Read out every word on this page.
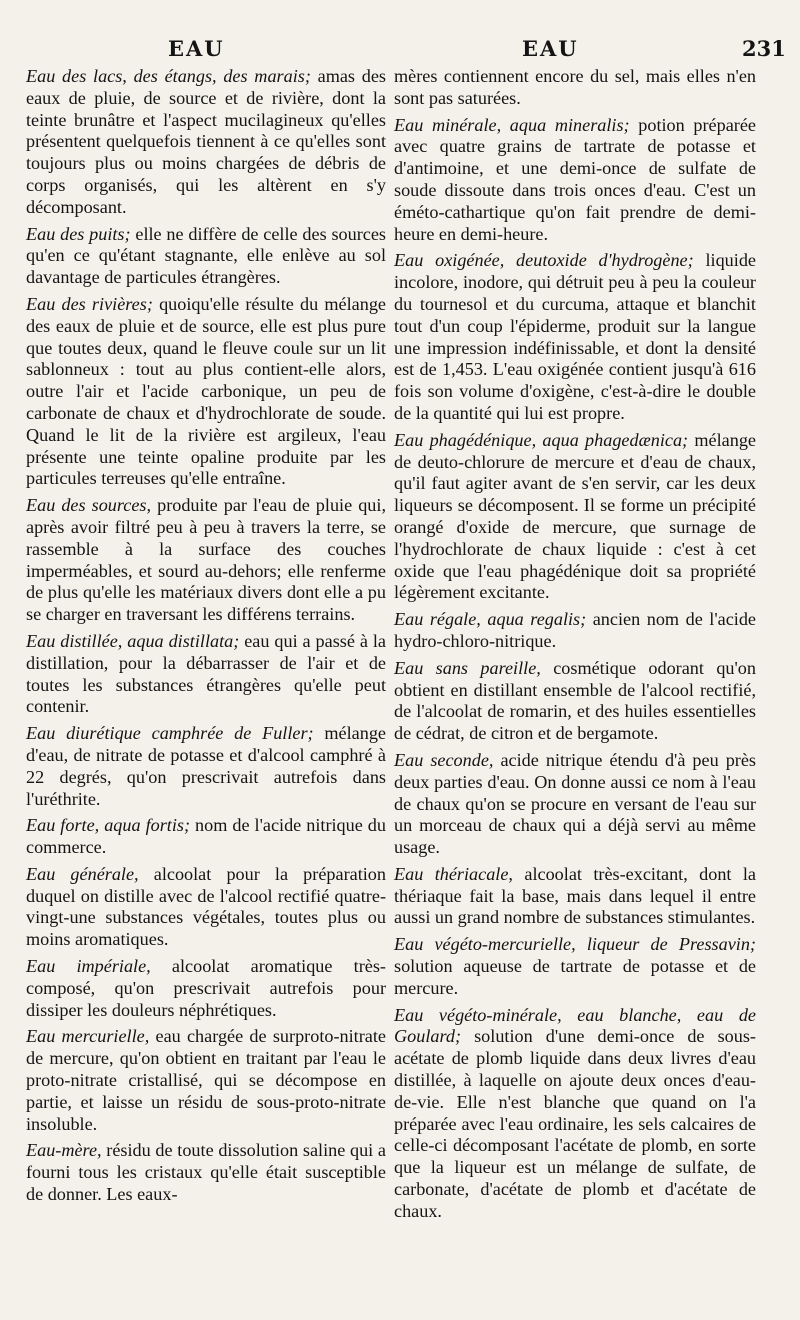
EAU	EAU	231

Eau des lacs, des étangs, des marais; amas des eaux de pluie, de source et de rivière, dont la teinte brunâtre et l'aspect mucilagineux qu'elles présentent quelquefois tiennent à ce qu'elles sont toujours plus ou moins chargées de débris de corps organisés, qui les altèrent en s'y décomposant.

Eau des puits; elle ne diffère de celle des sources qu'en ce qu'étant stagnante, elle enlève au sol davantage de particules étrangères.

Eau des rivières; quoiqu'elle résulte du mélange des eaux de pluie et de source, elle est plus pure que toutes deux, quand le fleuve coule sur un lit sablonneux : tout au plus contient-elle alors, outre l'air et l'acide carbonique, un peu de carbonate de chaux et d'hydrochlorate de soude. Quand le lit de la rivière est argileux, l'eau présente une teinte opaline produite par les particules terreuses qu'elle entraîne.

Eau des sources, produite par l'eau de pluie qui, après avoir filtré peu à peu à travers la terre, se rassemble à la surface des couches imperméables, et sourd au-dehors; elle renferme de plus qu'elle les matériaux divers dont elle a pu se charger en traversant les différens terrains.

Eau distillée, aqua distillata; eau qui a passé à la distillation, pour la débarrasser de l'air et de toutes les substances étrangères qu'elle peut contenir.

Eau diurétique camphrée de Fuller; mélange d'eau, de nitrate de potasse et d'alcool camphré à 22 degrés, qu'on prescrivait autrefois dans l'uréthrite.

Eau forte, aqua fortis; nom de l'acide nitrique du commerce.

Eau générale, alcoolat pour la préparation duquel on distille avec de l'alcool rectifié quatre-vingt-une substances végétales, toutes plus ou moins aromatiques.

Eau impériale, alcoolat aromatique très-composé, qu'on prescrivait autrefois pour dissiper les douleurs néphrétiques.

Eau mercurielle, eau chargée de surproto-nitrate de mercure, qu'on obtient en traitant par l'eau le proto-nitrate cristallisé, qui se décompose en partie, et laisse un résidu de sous-proto-nitrate insoluble.

Eau-mère, résidu de toute dissolution saline qui a fourni tous les cristaux qu'elle était susceptible de donner. Les eaux-

mères contiennent encore du sel, mais elles n'en sont pas saturées.

Eau minérale, aqua mineralis; potion préparée avec quatre grains de tartrate de potasse et d'antimoine, et une demi-once de sulfate de soude dissoute dans trois onces d'eau. C'est un éméto-cathartique qu'on fait prendre de demi-heure en demi-heure.

Eau oxigénée, deutoxide d'hydrogène; liquide incolore, inodore, qui détruit peu à peu la couleur du tournesol et du curcuma, attaque et blanchit tout d'un coup l'épiderme, produit sur la langue une impression indéfinissable, et dont la densité est de 1,453. L'eau oxigénée contient jusqu'à 616 fois son volume d'oxigène, c'est-à-dire le double de la quantité qui lui est propre.

Eau phagédénique, aqua phagedænica; mélange de deuto-chlorure de mercure et d'eau de chaux, qu'il faut agiter avant de s'en servir, car les deux liqueurs se décomposent. Il se forme un précipité orangé d'oxide de mercure, que surnage de l'hydrochlorate de chaux liquide : c'est à cet oxide que l'eau phagédénique doit sa propriété légèrement excitante.

Eau régale, aqua regalis; ancien nom de l'acide hydro-chloro-nitrique.

Eau sans pareille, cosmétique odorant qu'on obtient en distillant ensemble de l'alcool rectifié, de l'alcoolat de romarin, et des huiles essentielles de cédrat, de citron et de bergamote.

Eau seconde, acide nitrique étendu d'à peu près deux parties d'eau. On donne aussi ce nom à l'eau de chaux qu'on se procure en versant de l'eau sur un morceau de chaux qui a déjà servi au même usage.

Eau thériacale, alcoolat très-excitant, dont la thériaque fait la base, mais dans lequel il entre aussi un grand nombre de substances stimulantes.

Eau végéto-mercurielle, liqueur de Pressavin; solution aqueuse de tartrate de potasse et de mercure.

Eau végéto-minérale, eau blanche, eau de Goulard; solution d'une demi-once de sous-acétate de plomb liquide dans deux livres d'eau distillée, à laquelle on ajoute deux onces d'eau-de-vie. Elle n'est blanche que quand on l'a préparée avec l'eau ordinaire, les sels calcaires de celle-ci décomposant l'acétate de plomb, en sorte que la liqueur est un mélange de sulfate, de carbonate, d'acétate de plomb et d'acétate de chaux.
